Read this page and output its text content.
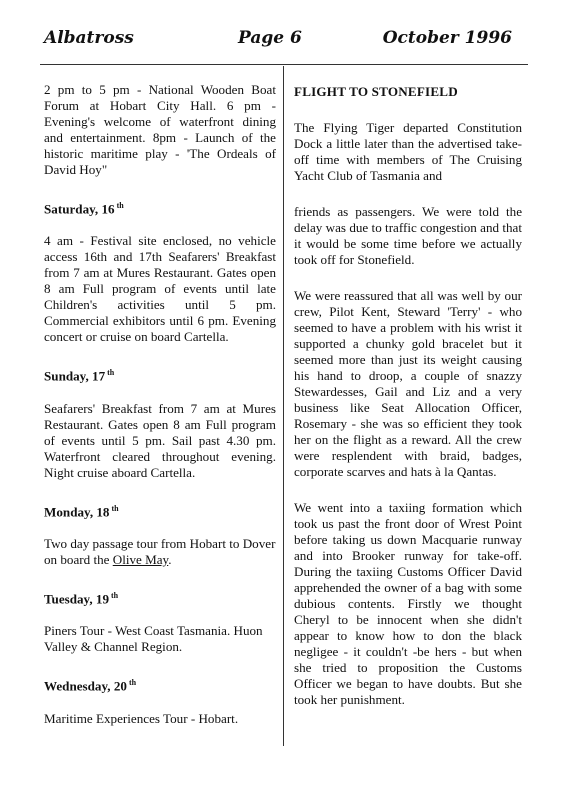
Albatross	Page 6	October 1996

2 pm to 5 pm - National Wooden Boat Forum at Hobart City Hall. 6 pm - Evening's welcome of waterfront dining and entertainment. 8pm - Launch of the historic maritime play - 'The Ordeals of David Hoy"

Saturday, 16 $^{th}$

4 am - Festival site enclosed, no vehicle access 16th and 17th Seafarers' Breakfast from 7 am at Mures Restaurant. Gates open 8 am Full program of events until late Children's activities until 5 pm. Commercial exhibitors until 6 pm. Evening concert or cruise on board Cartella.

Sunday, 17 $^{th}$

Seafarers' Breakfast from 7 am at Mures Restaurant. Gates open 8 am Full program of events until 5 pm. Sail past 4.30 pm. Waterfront cleared throughout evening. Night cruise aboard Cartella.

Monday, 18 $^{th}$

Two day passage tour from Hobart to Dover on board the Olive May.

Tuesday, 19 $^{th}$

Piners Tour - West Coast Tasmania. Huon Valley & Channel Region.

Wednesday, 20 $^{th}$

Maritime Experiences Tour - Hobart.

FLIGHT TO STONEFIELD

The Flying Tiger departed Constitution Dock a little later than the advertised take-off time with members of The Cruising Yacht Club of Tasmania and

friends as passengers. We were told the delay was due to traffic congestion and that it would be some time before we actually took off for Stonefield.

We were reassured that all was well by our crew, Pilot Kent, Steward 'Terry' - who seemed to have a problem with his wrist it supported a chunky gold bracelet but it seemed more than just its weight causing his hand to droop, a couple of snazzy Stewardesses, Gail and Liz and a very business like Seat Allocation Officer, Rosemary - she was so efficient they took her on the flight as a reward. All the crew were resplendent with braid, badges, corporate scarves and hats à la Qantas.

We went into a taxiing formation which took us past the front door of Wrest Point before taking us down Macquarie runway and into Brooker runway for take-off. During the taxiing Customs Officer David apprehended the owner of a bag with some dubious contents. Firstly we thought Cheryl to be innocent when she didn't appear to know how to don the black negligee - it couldn't -be hers - but when she tried to proposition the Customs Officer we began to have doubts. But she took her punishment.
